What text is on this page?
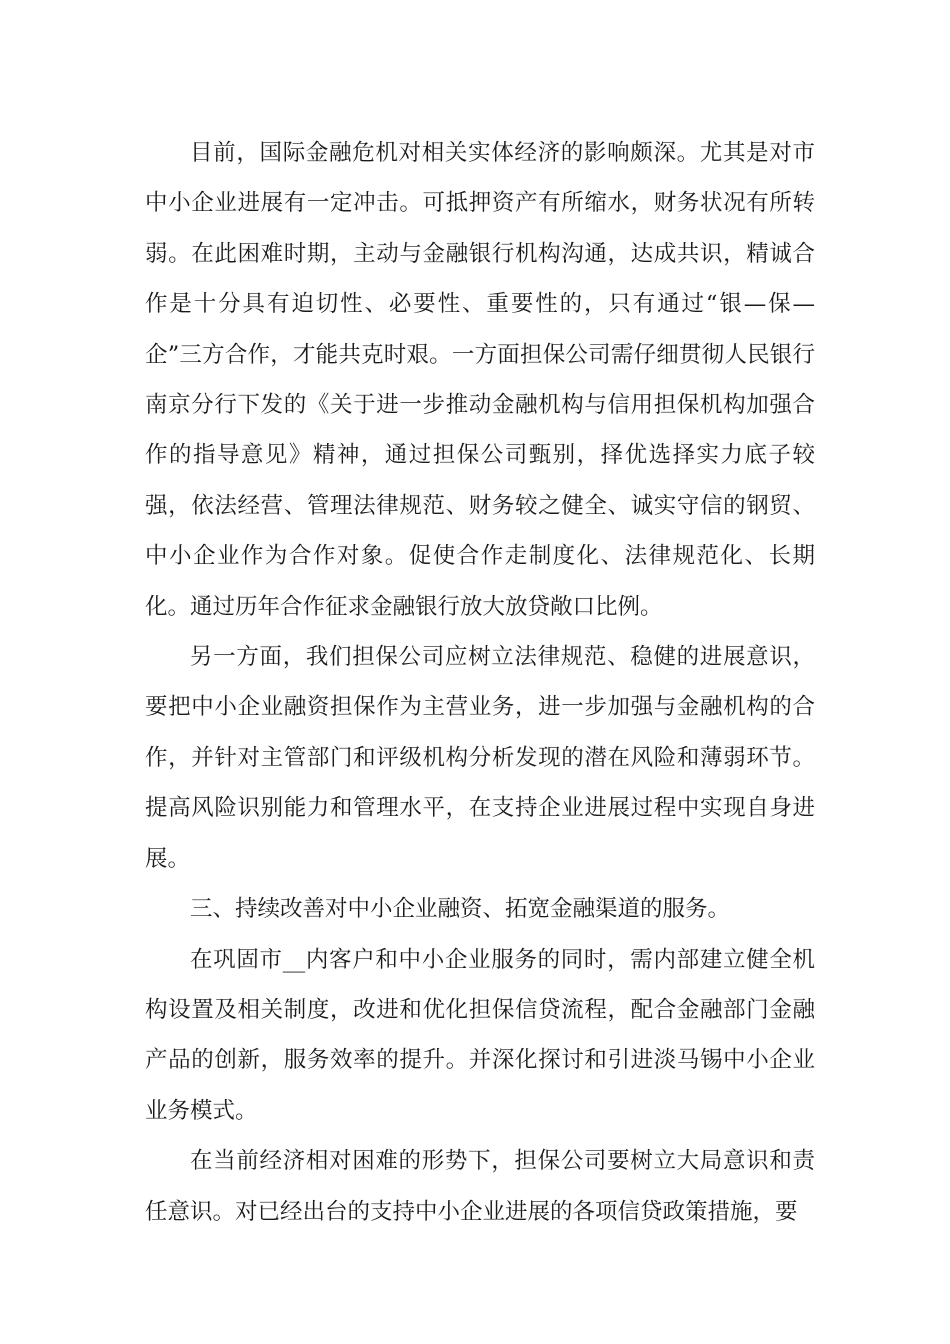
目前，国际金融危机对相关实体经济的影响颇深。尤其是对市中小企业进展有一定冲击。可抵押资产有所缩水，财务状况有所转弱。在此困难时期，主动与金融银行机构沟通，达成共识，精诚合作是十分具有迫切性、必要性、重要性的，只有通过“银—保—企”三方合作，才能共克时艰。一方面担保公司需仔细贯彻人民银行南京分行下发的《关于进一步推动金融机构与信用担保机构加强合作的指导意见》精神，通过担保公司甄别，择优选择实力底子较强，依法经营、管理法律规范、财务较之健全、诚实守信的钢贸、中小企业作为合作对象。促使合作走制度化、法律规范化、长期化。通过历年合作征求金融银行放大放贷敞口比例。

另一方面，我们担保公司应树立法律规范、稳健的进展意识，要把中小企业融资担保作为主营业务，进一步加强与金融机构的合作，并针对主管部门和评级机构分析发现的潜在风险和薄弱环节。提高风险识别能力和管理水平，在支持企业进展过程中实现自身进展。

三、持续改善对中小企业融资、拓宽金融渠道的服务。

在巩固市__内客户和中小企业服务的同时，需内部建立健全机构设置及相关制度，改进和优化担保信贷流程，配合金融部门金融产品的创新，服务效率的提升。并深化探讨和引进淡马锡中小企业业务模式。

在当前经济相对困难的形势下，担保公司要树立大局意识和责任意识。对已经出台的支持中小企业进展的各项信贷政策措施，要
